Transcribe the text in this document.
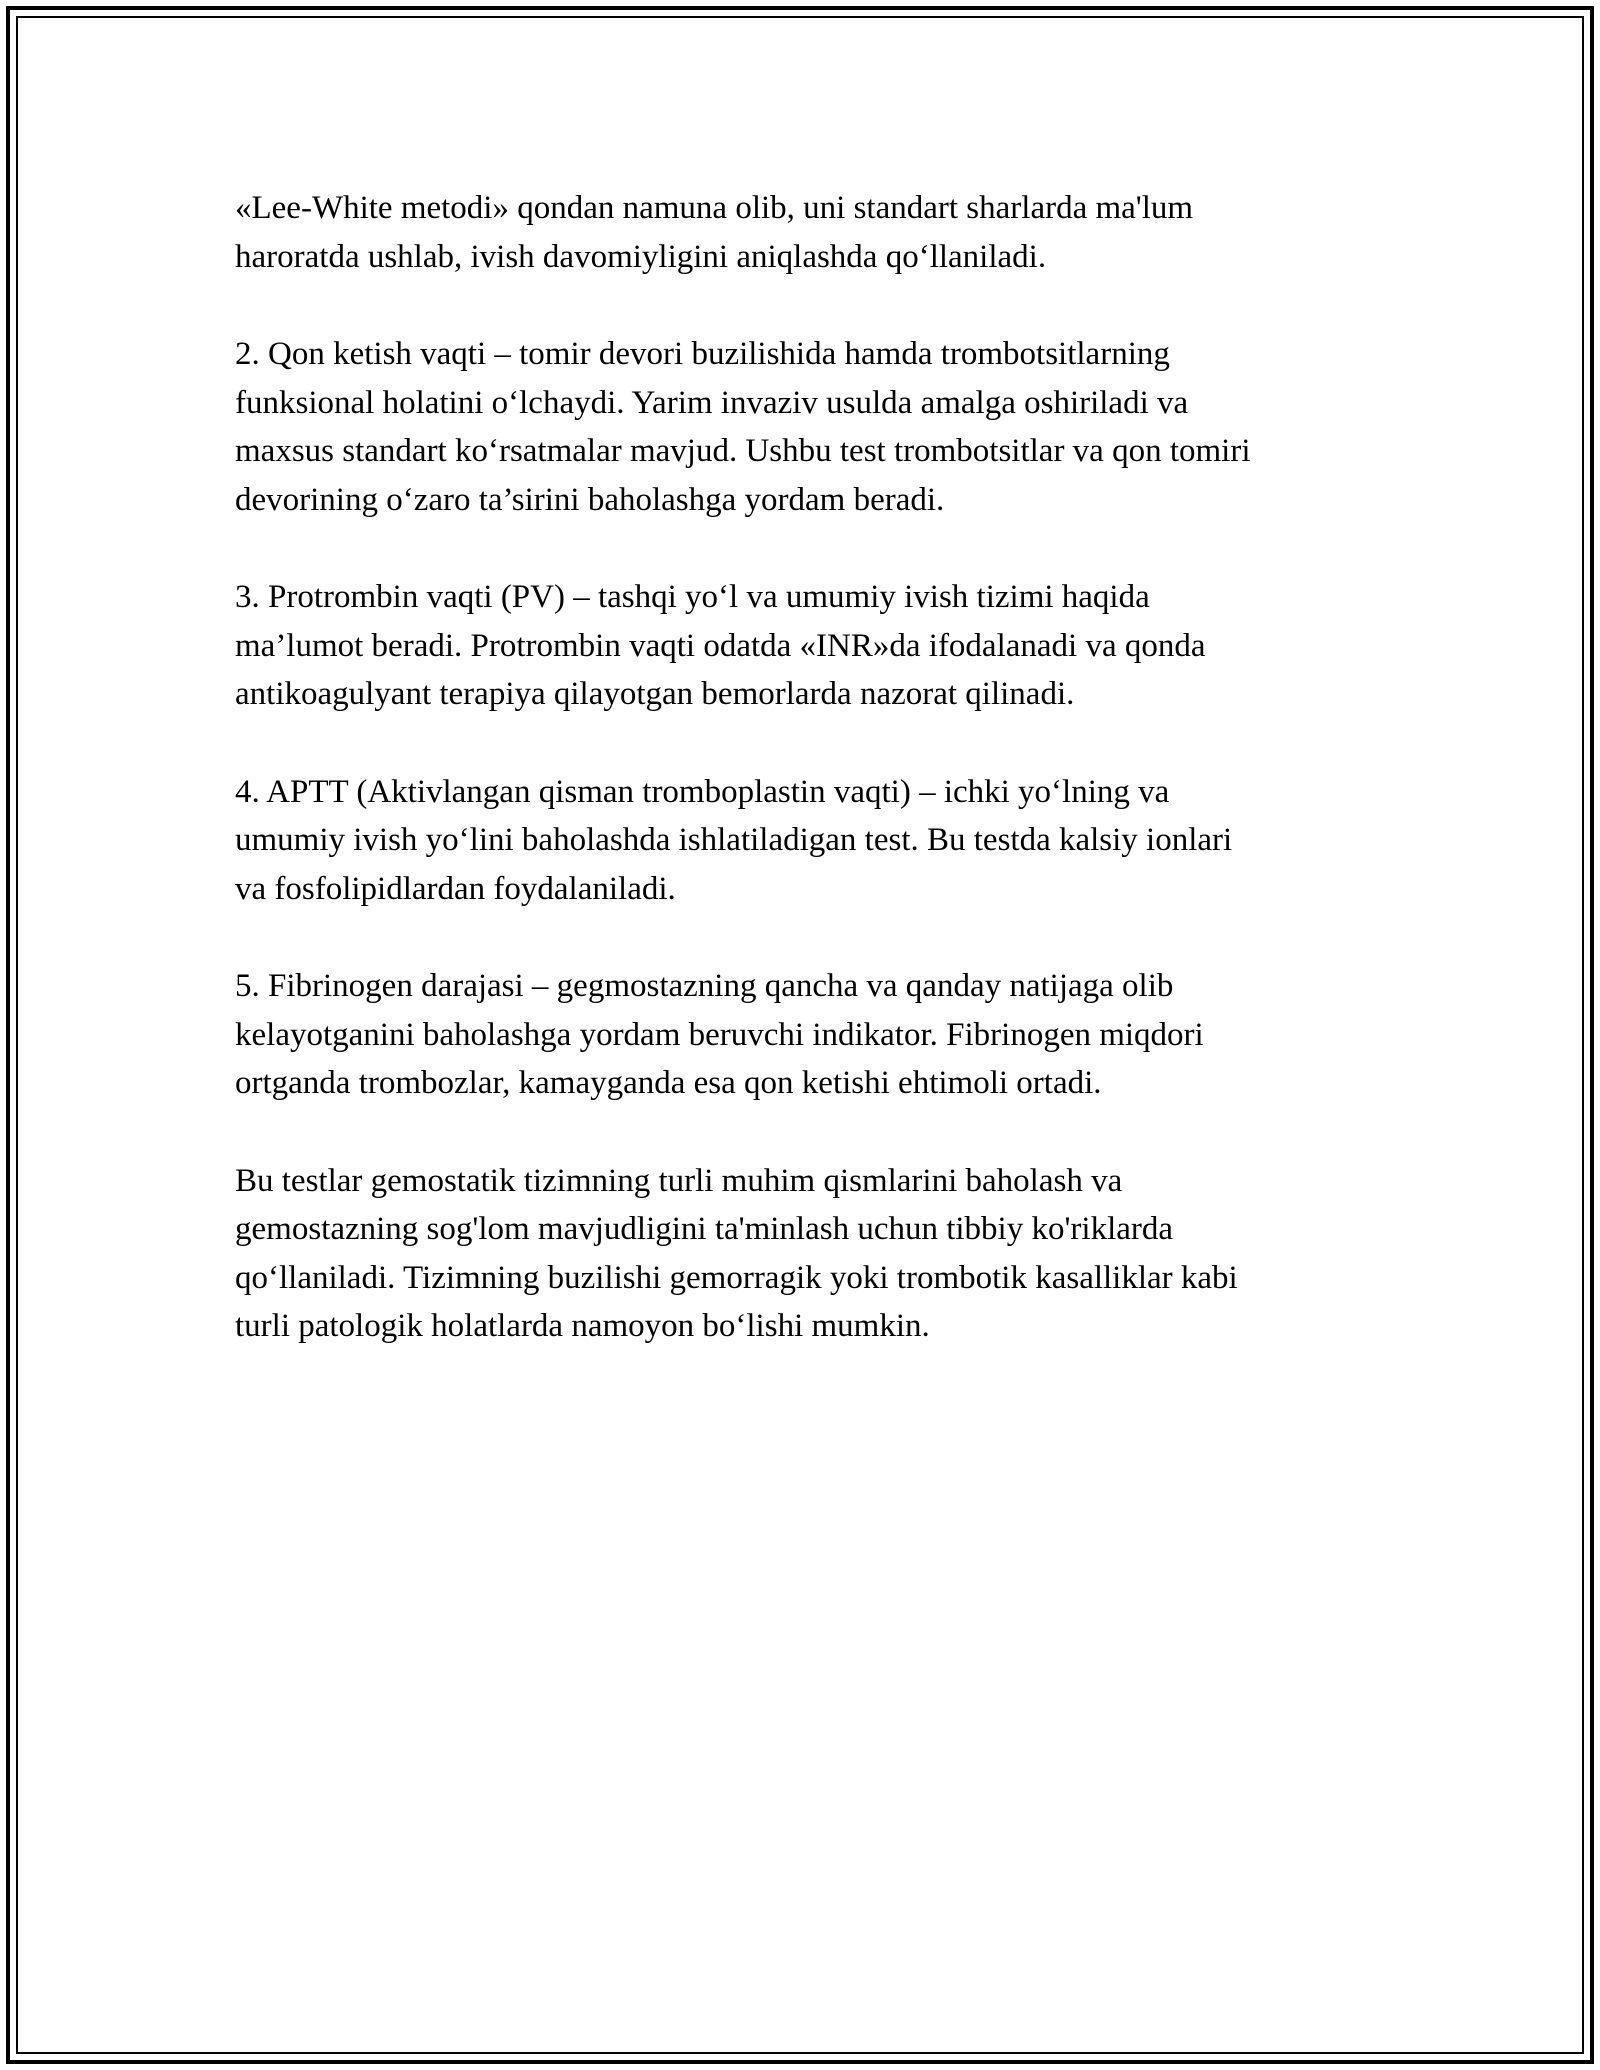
«Lee-White metodi» qondan namuna olib, uni standart sharlarda ma'lum
haroratda ushlab, ivish davomiyligini aniqlashda qo‘llaniladi.

2. Qon ketish vaqti – tomir devori buzilishida hamda trombotsitlarning
funksional holatini o‘lchaydi. Yarim invaziv usulda amalga oshiriladi va
maxsus standart ko‘rsatmalar mavjud. Ushbu test trombotsitlar va qon tomiri
devorining o‘zaro ta’sirini baholashga yordam beradi.

3. Protrombin vaqti (PV) – tashqi yo‘l va umumiy ivish tizimi haqida
ma’lumot beradi. Protrombin vaqti odatda «INR»da ifodalanadi va qonda
antikoagulyant terapiya qilayotgan bemorlarda nazorat qilinadi.

4. APTT (Aktivlangan qisman tromboplastin vaqti) – ichki yo‘lning va
umumiy ivish yo‘lini baholashda ishlatiladigan test. Bu testda kalsiy ionlari
va fosfolipidlardan foydalaniladi.

5. Fibrinogen darajasi – gegmostazning qancha va qanday natijaga olib
kelayotganini baholashga yordam beruvchi indikator. Fibrinogen miqdori
ortganda trombozlar, kamayganda esa qon ketishi ehtimoli ortadi.

Bu testlar gemostatik tizimning turli muhim qismlarini baholash va
gemostazning sog'lom mavjudligini ta'minlash uchun tibbiy ko'riklarda
qo‘llaniladi. Tizimning buzilishi gemorragik yoki trombotik kasalliklar kabi
turli patologik holatlarda namoyon bo‘lishi mumkin.
